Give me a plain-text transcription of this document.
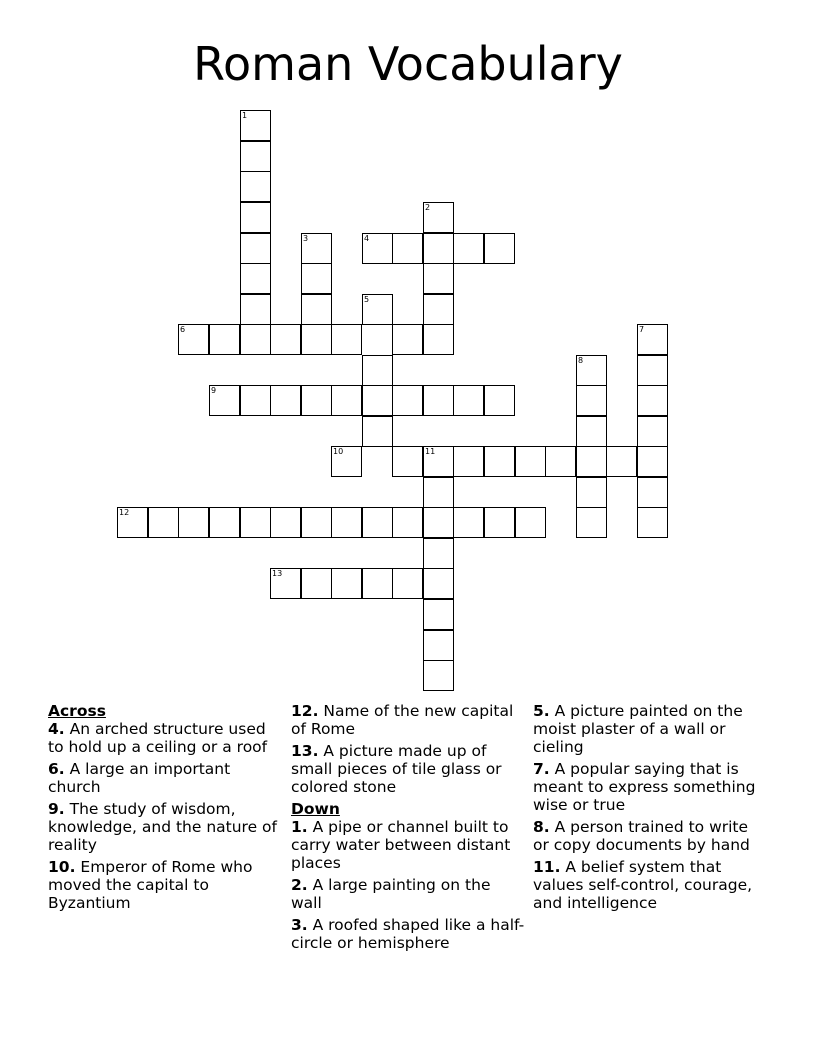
Roman Vocabulary
1
2
3	4
5
6	7
8
9
10	11
12
13
Across
4. An arched structure used to hold up a ceiling or a roof
6. A large an important church
9. The study of wisdom, knowledge, and the nature of reality
10. Emperor of Rome who moved the capital to Byzantium
12. Name of the new capital of Rome
13. A picture made up of small pieces of tile glass or colored stone
Down
1. A pipe or channel built to carry water between distant places
2. A large painting on the wall
3. A roofed shaped like a half-circle or hemisphere
5. A picture painted on the moist plaster of a wall or cieling
7. A popular saying that is meant to express something wise or true
8. A person trained to write or copy documents by hand
11. A belief system that values self-control, courage, and intelligence
